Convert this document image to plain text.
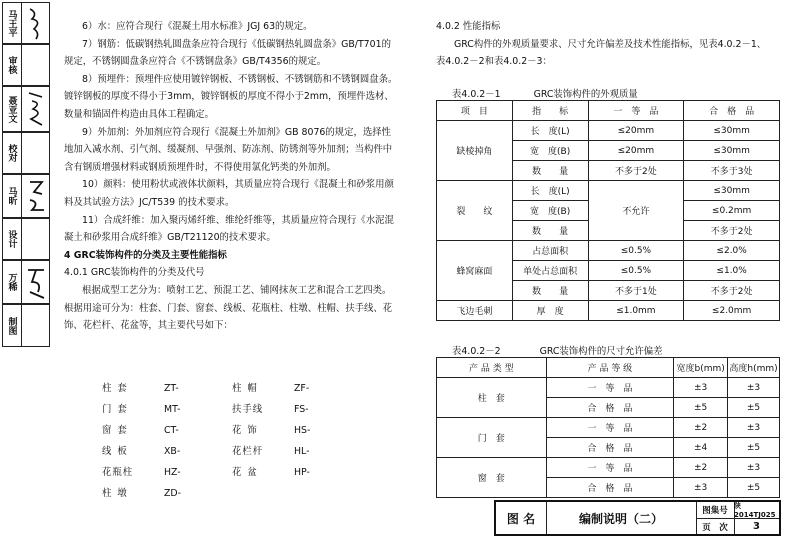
马王平
审核
聂亚文
校对
马昕
设计
万稀
制图

6）水：应符合现行《混凝土用水标准》JGJ 63的规定。

7）钢筋：低碳钢热轧圆盘条应符合现行《低碳钢热轧圆盘条》GB/T701的

规定，不锈钢圆盘条应符合《不锈钢盘条》GB/T4356的规定。

8）预埋件：预埋件应使用镀锌钢板、不锈钢板、不锈钢筋和不锈钢圆盘条。

镀锌钢板的厚度不得小于3mm，镀锌钢板的厚度不得小于2mm，预埋件选材、

数量和锚固件构造由具体工程确定。

9）外加剂：外加剂应符合现行《混凝土外加剂》GB 8076的规定，选择性

地加入减水剂、引气剂、缓凝剂、早强剂、防冻剂、防锈剂等外加剂；当构件中

含有钢质增强材料或钢质预埋件时，不得使用氯化钙类的外加剂。

10）颜料：使用粉状或液体状颜料，其质量应符合现行《混凝土和砂浆用颜

料及其试验方法》JC/T539 的技术要求。

11）合成纤维：加入聚丙烯纤维、维纶纤维等，其质量应符合现行《水泥混

凝土和砂浆用合成纤维》GB/T21120的技术要求。

4 GRC装饰构件的分类及主要性能指标

4.0.1 GRC装饰构件的分类及代号

根据成型工艺分为：喷射工艺、预混工艺、铺网抹灰工艺和混合工艺四类。

根据用途可分为：柱套、门套、窗套、线板、花瓶柱、柱墩、柱帽、扶手线、花

饰、花栏杆、花盆等，其主要代号如下：

柱套	ZT-
门套	MT-
窗套	CT-
线板	XB-
花瓶柱	HZ-
柱墩	ZD-
柱帽	ZF-
扶手线	FS-
花饰	HS-
花栏杆	HL-
花盆	HP-

4.0.2 性能指标

GRC构件的外观质量要求、尺寸允许偏差及技术性能指标，见表4.0.2－1、

表4.0.2－2和表4.0.2－3：

表4.0.2－1	GRC装饰构件的外观质量
项　目	指　　标	一　等　品	合　格　品
缺棱掉角	长　度(L)	≤20mm	≤30mm
	宽　度(B)	≤20mm	≤30mm
	数　　量	不多于2处	不多于3处
裂　　纹	长　度(L)	不允许	≤30mm
	宽　度(B)		≤0.2mm
	数　　量		不多于2处
蜂窝麻面	占总面积	≤0.5%	≤2.0%
	单处占总面积	≤0.5%	≤1.0%
	数　　量	不多于1处	不多于2处
飞边毛刺	厚　度	≤1.0mm	≤2.0mm
表4.0.2－2	GRC装饰构件的尺寸允许偏差
产 品 类 型	产 品 等 级	宽度b(mm)	高度h(mm)
柱　套	一　等　品	±3	±3
	合　格　品	±5	±5
门　套	一　等　品	±2	±3
	合　格　品	±4	±5
窗　套	一　等　品	±2	±3
	合　格　品	±3	±5
图 名	编制说明（二）
图集号 陕2014TJ025
页　次	3
